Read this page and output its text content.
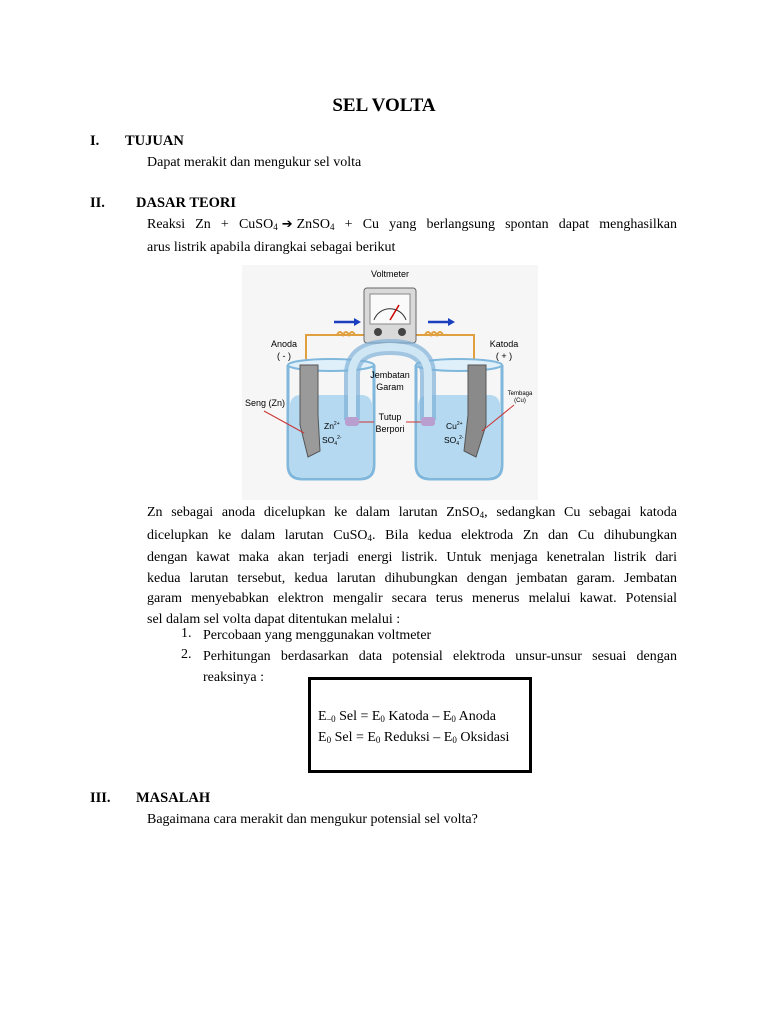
SEL VOLTA
I. TUJUAN
Dapat merakit dan mengukur sel volta
II. DASAR TEORI
Reaksi Zn + CuSO$_4$ ➔ ZnSO$_4$ + Cu yang berlangsung spontan dapat menghasilkan
arus listrik apabila dirangkai sebagai berikut
Voltmeter
Anoda
( - )
Katoda
( + )
Jembatan
Garam
Tutup
Berpori
Seng (Zn)
Tembaga
(Cu)
$Zn^{2+}$
$SO_4^{2-}$
$Cu^{2+}$
$SO_4^{2-}$
Zn sebagai anoda dicelupkan ke dalam larutan ZnSO$_4$, sedangkan Cu sebagai katoda
dicelupkan ke dalam larutan CuSO$_4$. Bila kedua elektroda Zn dan Cu dihubungkan
dengan kawat maka akan terjadi energi listrik. Untuk menjaga kenetralan listrik dari
kedua larutan tersebut, kedua larutan dihubungkan dengan jembatan garam. Jembatan
garam menyebabkan elektron mengalir secara terus menerus melalui kawat. Potensial
sel dalam sel volta dapat ditentukan melalui :
1. Percobaan yang menggunakan voltmeter
2. Perhitungan berdasarkan data potensial elektroda unsur-unsur sesuai dengan
reaksinya :
$E_{-0}$ Sel = $E_0$ Katoda – $E_0$ Anoda
$E_0$ Sel = $E_0$ Reduksi – $E_0$ Oksidasi
III. MASALAH
Bagaimana cara merakit dan mengukur potensial sel volta?
